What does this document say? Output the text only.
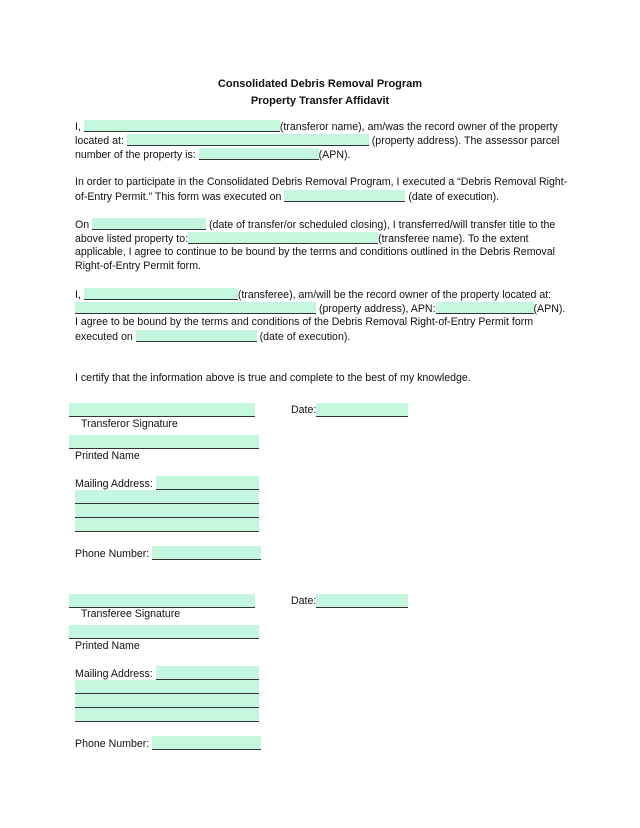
Consolidated Debris Removal Program
Property Transfer Affidavit
I,	(transferor name), am/was the record owner of the property
located at:	(property address). The assessor parcel
number of the property is:	(APN).
In order to participate in the Consolidated Debris Removal Program, I executed a “Debris Removal Right-
of-Entry Permit.” This form was executed on	(date of execution).
On	(date of transfer/or scheduled closing), I transferred/will transfer title to the
above listed property to:	(transferee name). To the extent
applicable, I agree to continue to be bound by the terms and conditions outlined in the Debris Removal
Right-of-Entry Permit form.
I,	(transferee), am/will be the record owner of the property located at:
(property address), APN:	(APN).
I agree to be bound by the terms and conditions of the Debris Removal Right-of-Entry Permit form
executed on	(date of execution).
I certify that the information above is true and complete to the best of my knowledge.
Date:
Transferor Signature
Printed Name
Mailing Address:
Phone Number:
Date:
Transferee Signature
Printed Name
Mailing Address:
Phone Number:
